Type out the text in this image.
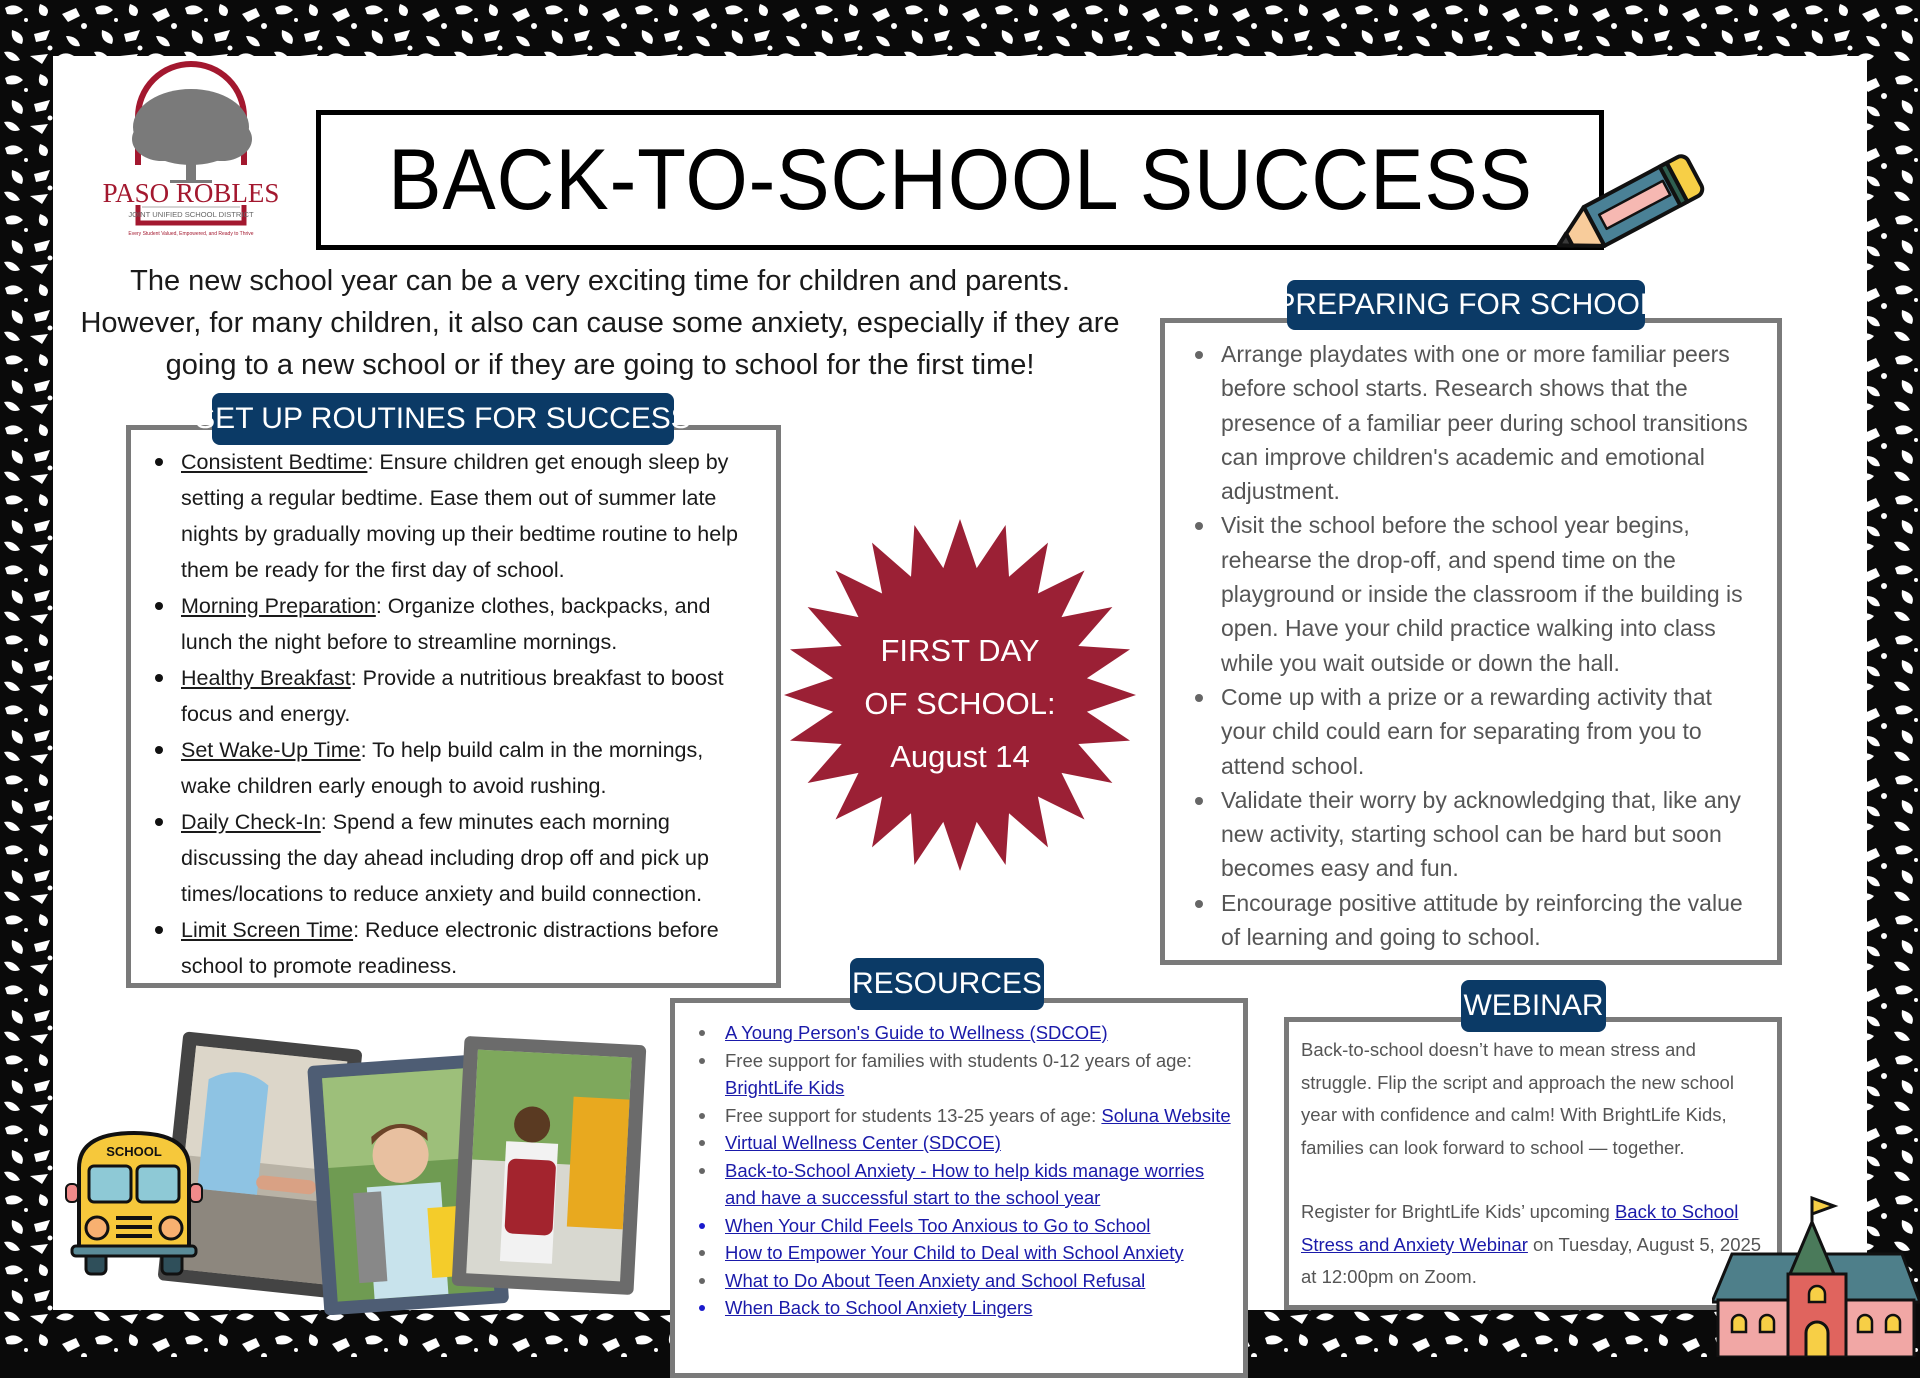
PASO ROBLES
JOINT UNIFIED SCHOOL DISTRICT
Every Student Valued, Empowered, and Ready to Thrive
BACK-TO-SCHOOL SUCCESS
The new school year can be a very exciting time for children and parents.
However, for many children, it also can cause some anxiety, especially if they are
going to a new school or if they are going to school for the first time!
SET UP ROUTINES FOR SUCCESS
Consistent Bedtime: Ensure children get enough sleep by setting a regular bedtime. Ease them out of summer late nights by gradually moving up their bedtime routine to help them be ready for the first day of school.
Morning Preparation: Organize clothes, backpacks, and lunch the night before to streamline mornings.
Healthy Breakfast: Provide a nutritious breakfast to boost focus and energy.
Set Wake-Up Time: To help build calm in the mornings, wake children early enough to avoid rushing.
Daily Check-In: Spend a few minutes each morning discussing the day ahead including drop off and pick up times/locations to reduce anxiety and build connection.
Limit Screen Time: Reduce electronic distractions before school to promote readiness.
FIRST DAY
OF SCHOOL:
August 14
PREPARING FOR SCHOOL
Arrange playdates with one or more familiar peers before school starts. Research shows that the presence of a familiar peer during school transitions can improve children's academic and emotional adjustment.
Visit the school before the school year begins, rehearse the drop-off, and spend time on the playground or inside the classroom if the building is open. Have your child practice walking into class while you wait outside or down the hall.
Come up with a prize or a rewarding activity that your child could earn for separating from you to attend school.
Validate their worry by acknowledging that, like any new activity, starting school can be hard but soon becomes easy and fun.
Encourage positive attitude by reinforcing the value of learning and going to school.
RESOURCES
A Young Person's Guide to Wellness (SDCOE)
Free support for families with students 0-12 years of age: BrightLife Kids
Free support for students 13-25 years of age: Soluna Website
Virtual Wellness Center (SDCOE)
Back-to-School Anxiety - How to help kids manage worries and have a successful start to the school year
When Your Child Feels Too Anxious to Go to School
How to Empower Your Child to Deal with School Anxiety
What to Do About Teen Anxiety and School Refusal
When Back to School Anxiety Lingers
WEBINAR

Back-to-school doesn’t have to mean stress and struggle. Flip the script and approach the new school year with confidence and calm! With BrightLife Kids, families can look forward to school — together.

Register for BrightLife Kids’ upcoming Back to School Stress and Anxiety Webinar on Tuesday, August 5, 2025 at 12:00pm on Zoom.

SCHOOL
